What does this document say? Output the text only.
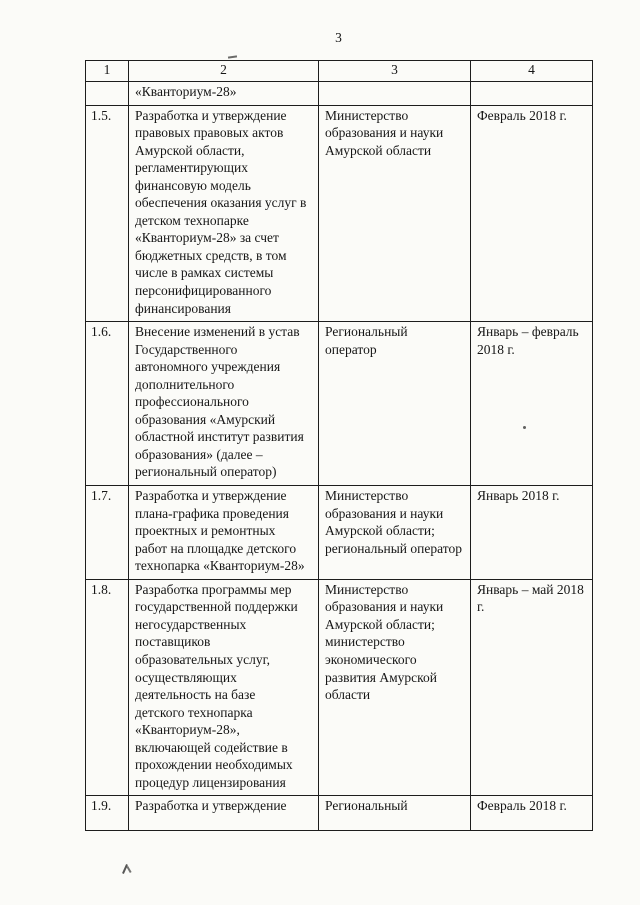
3
1	2	3	4
	«Кванториум-28»		
1.5.	Разработка и утверждение правовых правовых актов Амурской области, регламентирующих финансовую модель обеспечения оказания услуг в детском технопарке «Кванториум-28» за счет бюджетных средств, в том числе в рамках системы персонифицированного финансирования	Министерство образования и науки Амурской области	Февраль 2018 г.
1.6.	Внесение изменений в устав Государственного автономного учреждения дополнительного профессионального образования «Амурский областной институт развития образования» (далее – региональный оператор)	Региональный оператор	Январь – февраль 2018 г.
1.7.	Разработка и утверждение плана-графика проведения проектных и ремонтных работ на площадке детского технопарка «Кванториум-28»	Министерство образования и науки Амурской области; региональный оператор	Январь 2018 г.
1.8.	Разработка программы мер государственной поддержки негосударственных поставщиков образовательных услуг, осуществляющих деятельность на базе детского технопарка «Кванториум-28», включающей содействие в прохождении необходимых процедур лицензирования	Министерство образования и науки Амурской области; министерство экономического развития Амурской области	Январь – май 2018 г.
1.9.	Разработка и утверждение	Региональный	Февраль 2018 г.
